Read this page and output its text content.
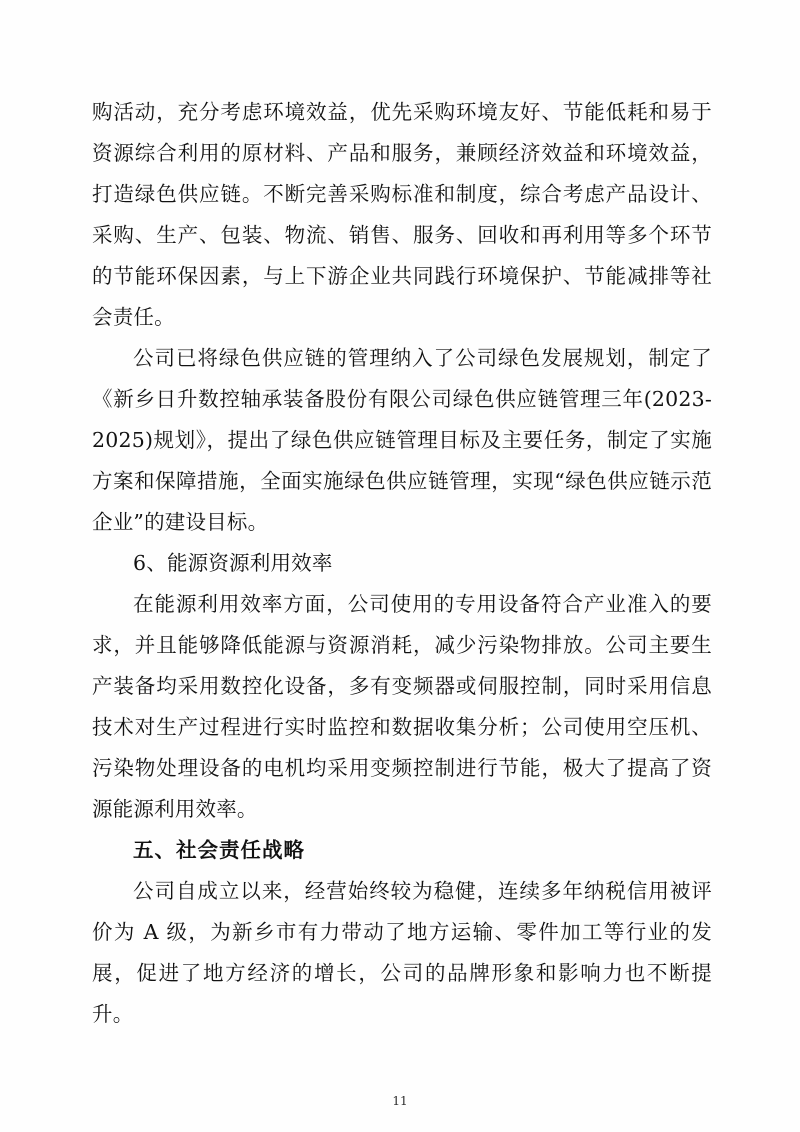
购活动，充分考虑环境效益，优先采购环境友好、节能低耗和易于资源综合利用的原材料、产品和服务，兼顾经济效益和环境效益，打造绿色供应链。不断完善采购标准和制度，综合考虑产品设计、采购、生产、包装、物流、销售、服务、回收和再利用等多个环节的节能环保因素，与上下游企业共同践行环境保护、节能减排等社会责任。

公司已将绿色供应链的管理纳入了公司绿色发展规划，制定了《新乡日升数控轴承装备股份有限公司绿色供应链管理三年(2023-2025)规划》，提出了绿色供应链管理目标及主要任务，制定了实施方案和保障措施，全面实施绿色供应链管理，实现“绿色供应链示范企业”的建设目标。

6、能源资源利用效率

在能源利用效率方面，公司使用的专用设备符合产业准入的要求，并且能够降低能源与资源消耗，减少污染物排放。公司主要生产装备均采用数控化设备，多有变频器或伺服控制，同时采用信息技术对生产过程进行实时监控和数据收集分析；公司使用空压机、污染物处理设备的电机均采用变频控制进行节能，极大了提高了资源能源利用效率。

五、社会责任战略

公司自成立以来，经营始终较为稳健，连续多年纳税信用被评价为 A 级，为新乡市有力带动了地方运输、零件加工等行业的发展，促进了地方经济的增长，公司的品牌形象和影响力也不断提升。

11
